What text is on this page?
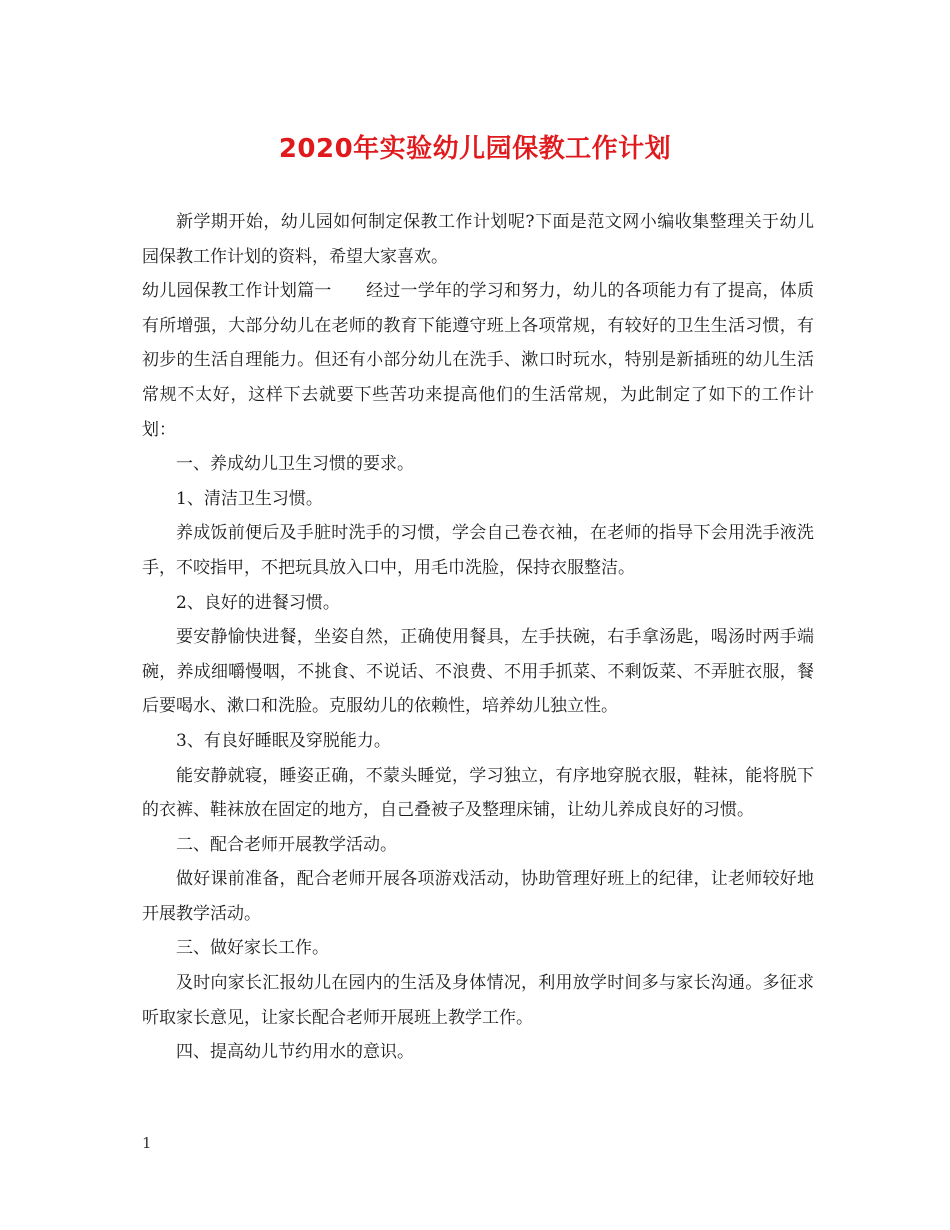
2020年实验幼儿园保教工作计划

新学期开始，幼儿园如何制定保教工作计划呢?下面是范文网小编收集整理关于幼儿园保教工作计划的资料，希望大家喜欢。

幼儿园保教工作计划篇一　　经过一学年的学习和努力，幼儿的各项能力有了提高，体质有所增强，大部分幼儿在老师的教育下能遵守班上各项常规，有较好的卫生生活习惯，有初步的生活自理能力。但还有小部分幼儿在洗手、漱口时玩水，特别是新插班的幼儿生活常规不太好，这样下去就要下些苦功来提高他们的生活常规，为此制定了如下的工作计划：

一、养成幼儿卫生习惯的要求。

1、清洁卫生习惯。

养成饭前便后及手脏时洗手的习惯，学会自己卷衣袖，在老师的指导下会用洗手液洗手，不咬指甲，不把玩具放入口中，用毛巾洗脸，保持衣服整洁。

2、良好的进餐习惯。

要安静愉快进餐，坐姿自然，正确使用餐具，左手扶碗，右手拿汤匙，喝汤时两手端碗，养成细嚼慢咽，不挑食、不说话、不浪费、不用手抓菜、不剩饭菜、不弄脏衣服，餐后要喝水、漱口和洗脸。克服幼儿的依赖性，培养幼儿独立性。

3、有良好睡眠及穿脱能力。

能安静就寝，睡姿正确，不蒙头睡觉，学习独立，有序地穿脱衣服，鞋袜，能将脱下的衣裤、鞋袜放在固定的地方，自己叠被子及整理床铺，让幼儿养成良好的习惯。

二、配合老师开展教学活动。

做好课前准备，配合老师开展各项游戏活动，协助管理好班上的纪律，让老师较好地开展教学活动。

三、做好家长工作。

及时向家长汇报幼儿在园内的生活及身体情况，利用放学时间多与家长沟通。多征求听取家长意见，让家长配合老师开展班上教学工作。

四、提高幼儿节约用水的意识。

1
